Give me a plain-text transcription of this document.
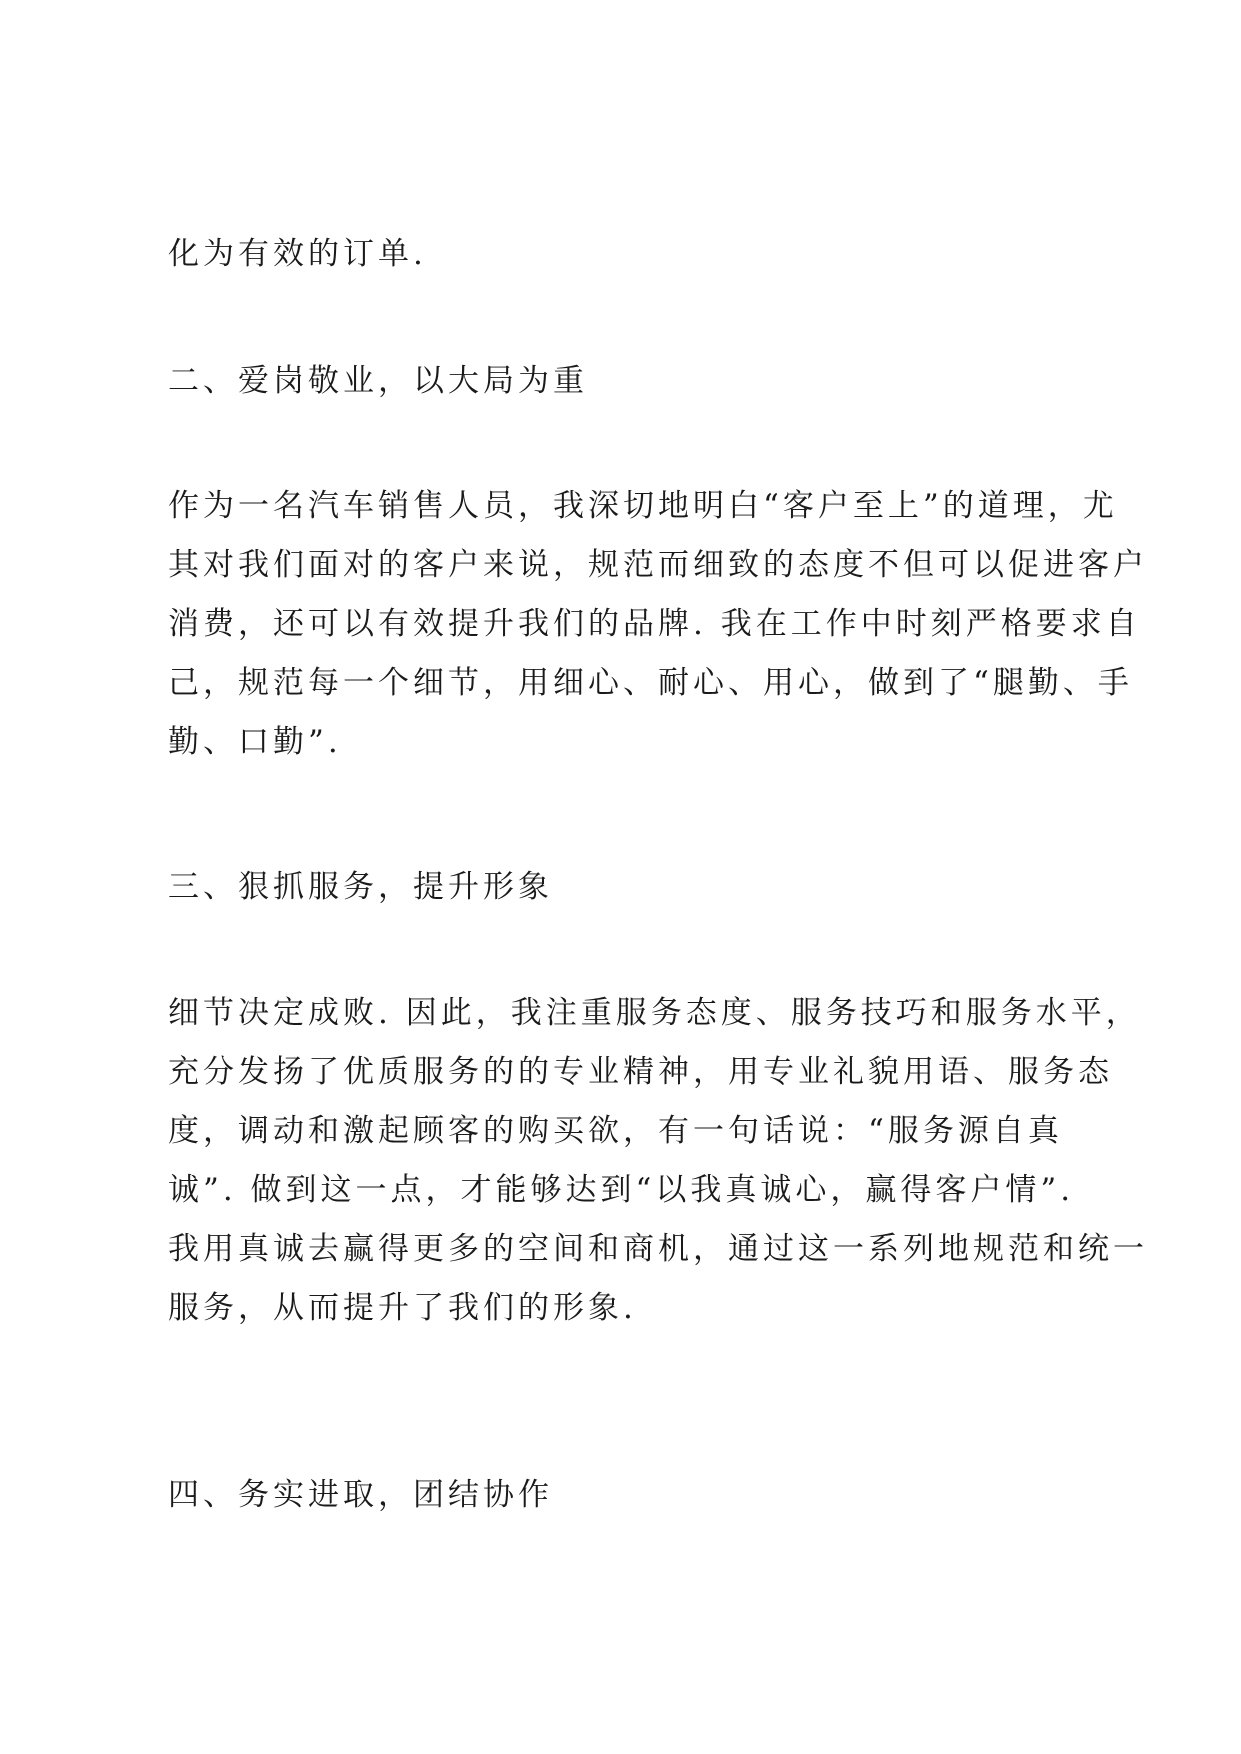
化为有效的订单.

二、爱岗敬业，以大局为重

作为一名汽车销售人员，我深切地明白“客户至上”的道理，尤
其对我们面对的客户来说，规范而细致的态度不但可以促进客户
消费，还可以有效提升我们的品牌. 我在工作中时刻严格要求自
己，规范每一个细节，用细心、耐心、用心，做到了“腿勤、手
勤、口勤”.

三、狠抓服务，提升形象

细节决定成败. 因此，我注重服务态度、服务技巧和服务水平，
充分发扬了优质服务的的专业精神，用专业礼貌用语、服务态
度，调动和激起顾客的购买欲，有一句话说：“服务源自真
诚”. 做到这一点，才能够达到“以我真诚心，赢得客户情”.
我用真诚去赢得更多的空间和商机，通过这一系列地规范和统一
服务，从而提升了我们的形象.

四、务实进取，团结协作
